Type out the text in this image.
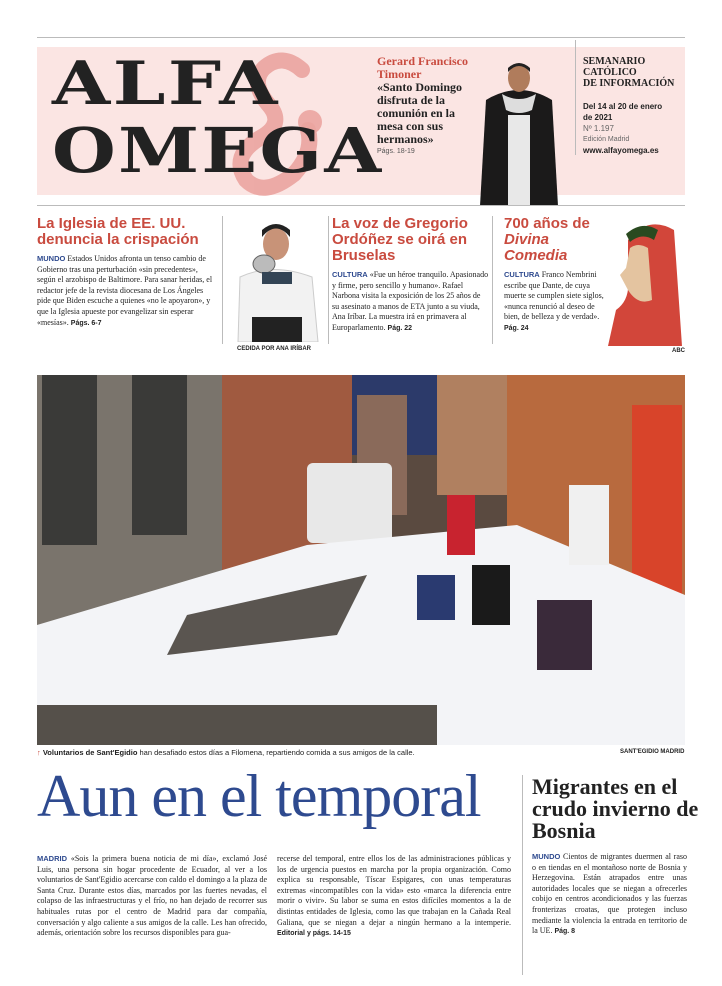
ALFA
OMEGA
Gerard Francisco Timoner
«Santo Domingo disfruta de la comunión en la mesa con sus hermanos»
Págs. 18-19
SEMANARIO
CATÓLICO
DE INFORMACIÓN
Del 14 al 20 de enero de 2021
Nº 1.197
Edición Madrid
www.alfayomega.es
La Iglesia de EE. UU. denuncia la crispación
MUNDO Estados Unidos afronta un tenso cambio de Gobierno tras una perturbación «sin precedentes», según el arzobispo de Baltimore. Para sanar heridas, el redactor jefe de la revista diocesana de Los Ángeles pide que Biden escuche a quienes «no le apoyaron», y que la Iglesia apueste por evangelizar sin esperar «mesías». Págs. 6-7
CEDIDA POR ANA IRÍBAR
La voz de Gregorio Ordóñez se oirá en Bruselas
CULTURA «Fue un héroe tranquilo. Apasionado y firme, pero sencillo y humano». Rafael Narbona visita la exposición de los 25 años de su asesinato a manos de ETA junto a su viuda, Ana Iríbar. La muestra irá en primavera al Europarlamento. Pág. 22
700 años de Divina Comedia
CULTURA Franco Nembrini escribe que Dante, de cuya muerte se cumplen siete siglos, «nunca renunció al deseo de bien, de belleza y de verdad». Pág. 24
ABC
↑ Voluntarios de Sant'Egidio han desafiado estos días a Filomena, repartiendo comida a sus amigos de la calle.	SANT'EGIDIO MADRID
Aun en el temporal
MADRID «Sois la primera buena noticia de mi día», exclamó José Luis, una persona sin hogar procedente de Ecuador, al ver a los voluntarios de Sant'Egidio acercarse con caldo el domingo a la plaza de Santa Cruz. Durante estos días, marcados por las fuertes nevadas, el colapso de las infraestructuras y el frío, no han dejado de recorrer sus habituales rutas por el centro de Madrid para dar compañía, conversación y algo caliente a sus amigos de la calle. Les han ofrecido, además, orientación sobre los recursos disponibles para gua-
recerse del temporal, entre ellos los de las administraciones públicas y los de urgencia puestos en marcha por la propia organización. Como explica su responsable, Tíscar Espigares, con unas temperaturas extremas «incompatibles con la vida» esto «marca la diferencia entre morir o vivir». Su labor se suma en estos difíciles momentos a la de distintas entidades de Iglesia, como las que trabajan en la Cañada Real Galiana, que se niegan a dejar a ningún hermano a la intemperie. Editorial y págs. 14-15
Migrantes en el crudo invierno de Bosnia
MUNDO Cientos de migrantes duermen al raso o en tiendas en el montañoso norte de Bosnia y Herzegovina. Están atrapados entre unas autoridades locales que se niegan a ofrecerles cobijo en centros acondicionados y las fuerzas fronterizas croatas, que protegen incluso mediante la violencia la entrada en territorio de la UE. Pág. 8
